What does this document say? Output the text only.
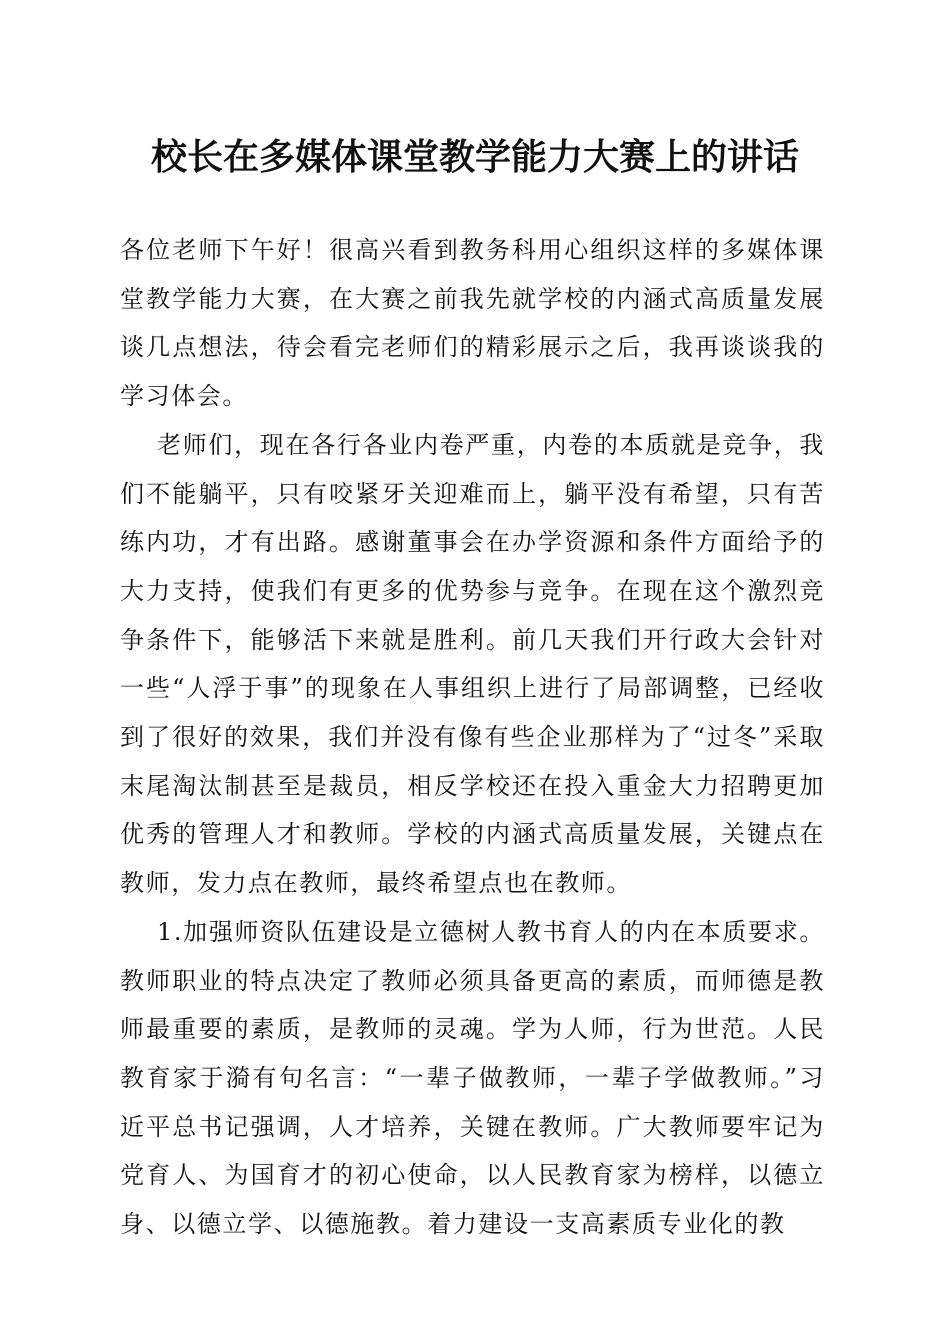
校长在多媒体课堂教学能力大赛上的讲话

各位老师下午好！很高兴看到教务科用心组织这样的多媒体课堂教学能力大赛，在大赛之前我先就学校的内涵式高质量发展谈几点想法，待会看完老师们的精彩展示之后，我再谈谈我的学习体会。

老师们，现在各行各业内卷严重，内卷的本质就是竞争，我们不能躺平，只有咬紧牙关迎难而上，躺平没有希望，只有苦练内功，才有出路。感谢董事会在办学资源和条件方面给予的大力支持，使我们有更多的优势参与竞争。在现在这个激烈竞争条件下，能够活下来就是胜利。前几天我们开行政大会针对一些“人浮于事”的现象在人事组织上进行了局部调整，已经收到了很好的效果，我们并没有像有些企业那样为了“过冬”采取末尾淘汰制甚至是裁员，相反学校还在投入重金大力招聘更加优秀的管理人才和教师。学校的内涵式高质量发展，关键点在教师，发力点在教师，最终希望点也在教师。

1.加强师资队伍建设是立德树人教书育人的内在本质要求。教师职业的特点决定了教师必须具备更高的素质，而师德是教师最重要的素质，是教师的灵魂。学为人师，行为世范。人民教育家于漪有句名言：“一辈子做教师，一辈子学做教师。”习近平总书记强调，人才培养，关键在教师。广大教师要牢记为党育人、为国育才的初心使命，以人民教育家为榜样，以德立身、以德立学、以德施教。着力建设一支高素质专业化的教
